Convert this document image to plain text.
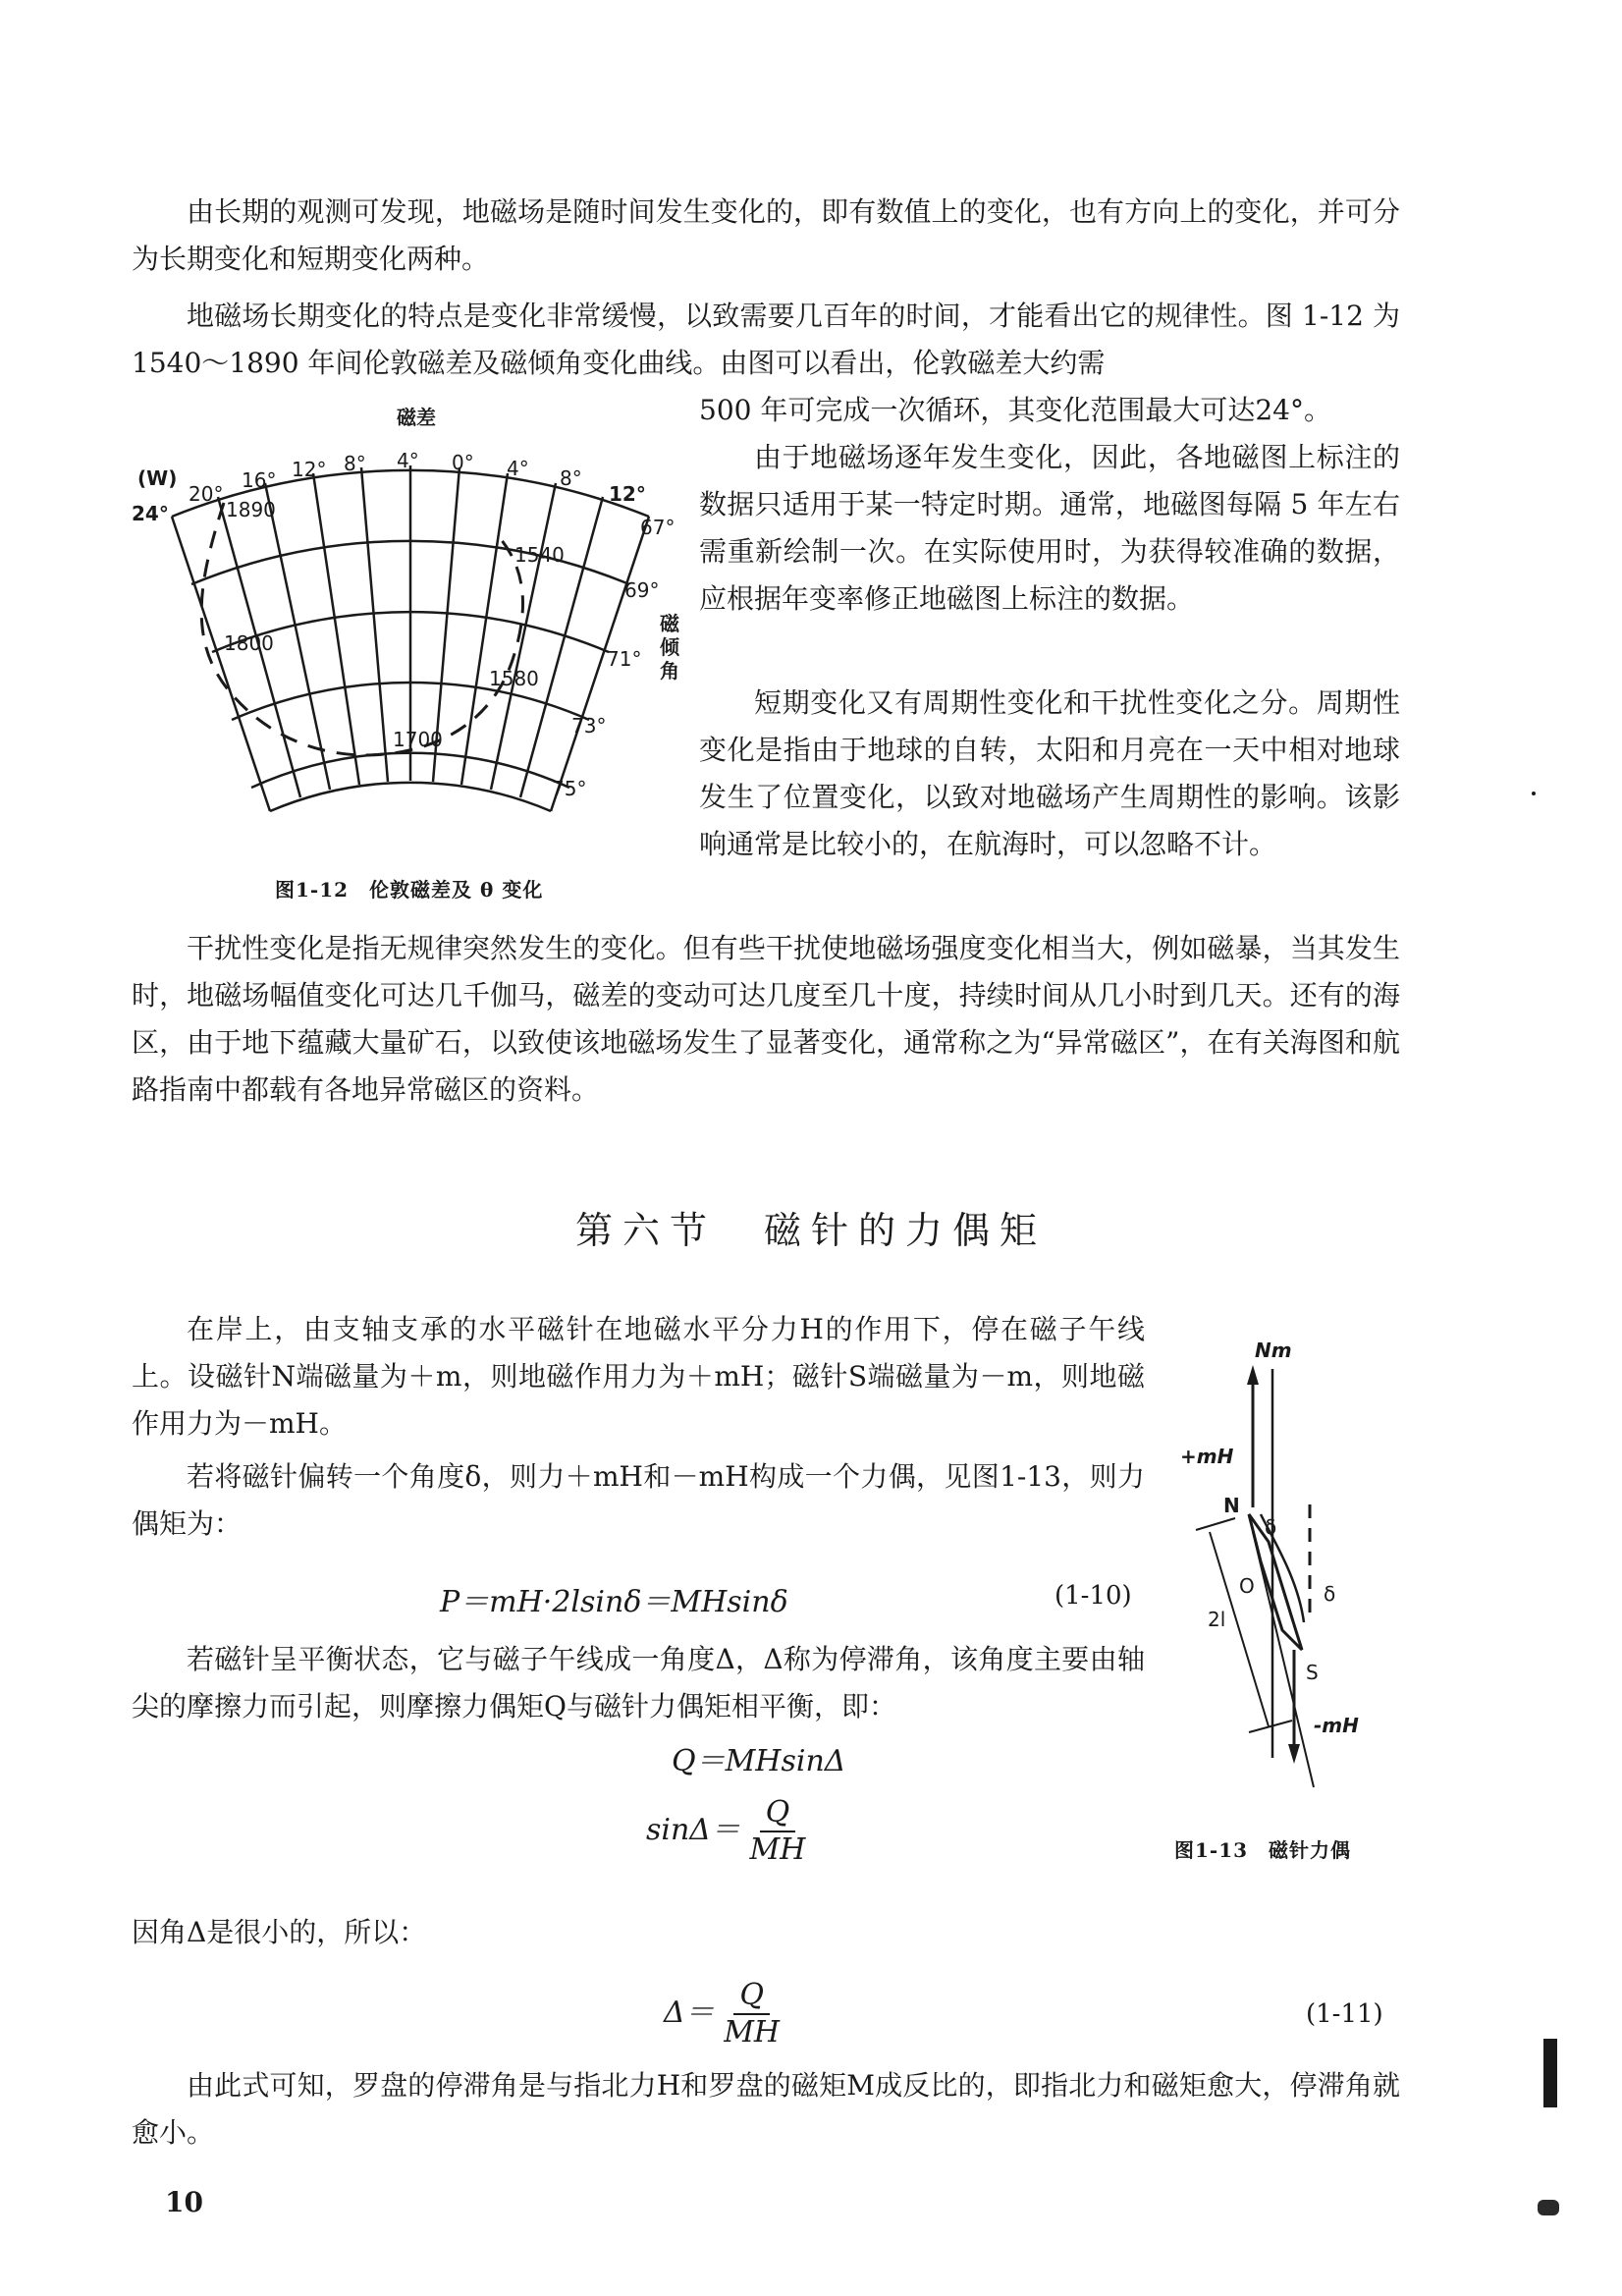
由长期的观测可发现，地磁场是随时间发生变化的，即有数值上的变化，也有方向上的变化，并可分为长期变化和短期变化两种。

地磁场长期变化的特点是变化非常缓慢，以致需要几百年的时间，才能看出它的规律性。图 1-12 为1540～1890 年间伦敦磁差及磁倾角变化曲线。由图可以看出，伦敦磁差大约需

500 年可完成一次循环，其变化范围最大可达24°。

由于地磁场逐年发生变化，因此，各地磁图上标注的数据只适用于某一特定时期。通常，地磁图每隔 5 年左右需重新绘制一次。在实际使用时，为获得较准确的数据，应根据年变率修正地磁图上标注的数据。

短期变化又有周期性变化和干扰性变化之分。周期性变化是指由于地球的自转，太阳和月亮在一天中相对地球发生了位置变化，以致对地磁场产生周期性的影响。该影响通常是比较小的，在航海时，可以忽略不计。

磁差
(W)
24°
20°
16° 12° 8° 4° 0° 4° 8°
12°
67°
69°
71°
73°
75°
磁
倾
角
1890
1540
1800
1580
1700
图1-12　伦敦磁差及 θ 变化

干扰性变化是指无规律突然发生的变化。但有些干扰使地磁场强度变化相当大，例如磁暴，当其发生时，地磁场幅值变化可达几千伽马，磁差的变动可达几度至几十度，持续时间从几小时到几天。还有的海区，由于地下蕴藏大量矿石，以致使该地磁场发生了显著变化，通常称之为“异常磁区”，在有关海图和航路指南中都载有各地异常磁区的资料。

第六节　磁针的力偶矩

在岸上，由支轴支承的水平磁针在地磁水平分力H的作用下，停在磁子午线上。设磁针N端磁量为＋m，则地磁作用力为＋mH；磁针S端磁量为－m，则地磁作用力为－mH。

若将磁针偏转一个角度δ，则力＋mH和－mH构成一个力偶，见图1-13，则力偶矩为：

P＝mH·2lsinδ＝MHsinδ	(1-10)

若磁针呈平衡状态，它与磁子午线成一角度Δ，Δ称为停滞角，该角度主要由轴尖的摩擦力而引起，则摩擦力偶矩Q与磁针力偶矩相平衡，即：

Q＝MHsinΔ
$\sin\Delta= \frac{Q}{MH}$
Nm
+mH
N
δ
O	δ
2l
S
-mH
图1-13　磁针力偶

因角Δ是很小的，所以：

$\Delta= \frac{Q}{MH}$	(1-11)

由此式可知，罗盘的停滞角是与指北力H和罗盘的磁矩M成反比的，即指北力和磁矩愈大，停滞角就愈小。

10
